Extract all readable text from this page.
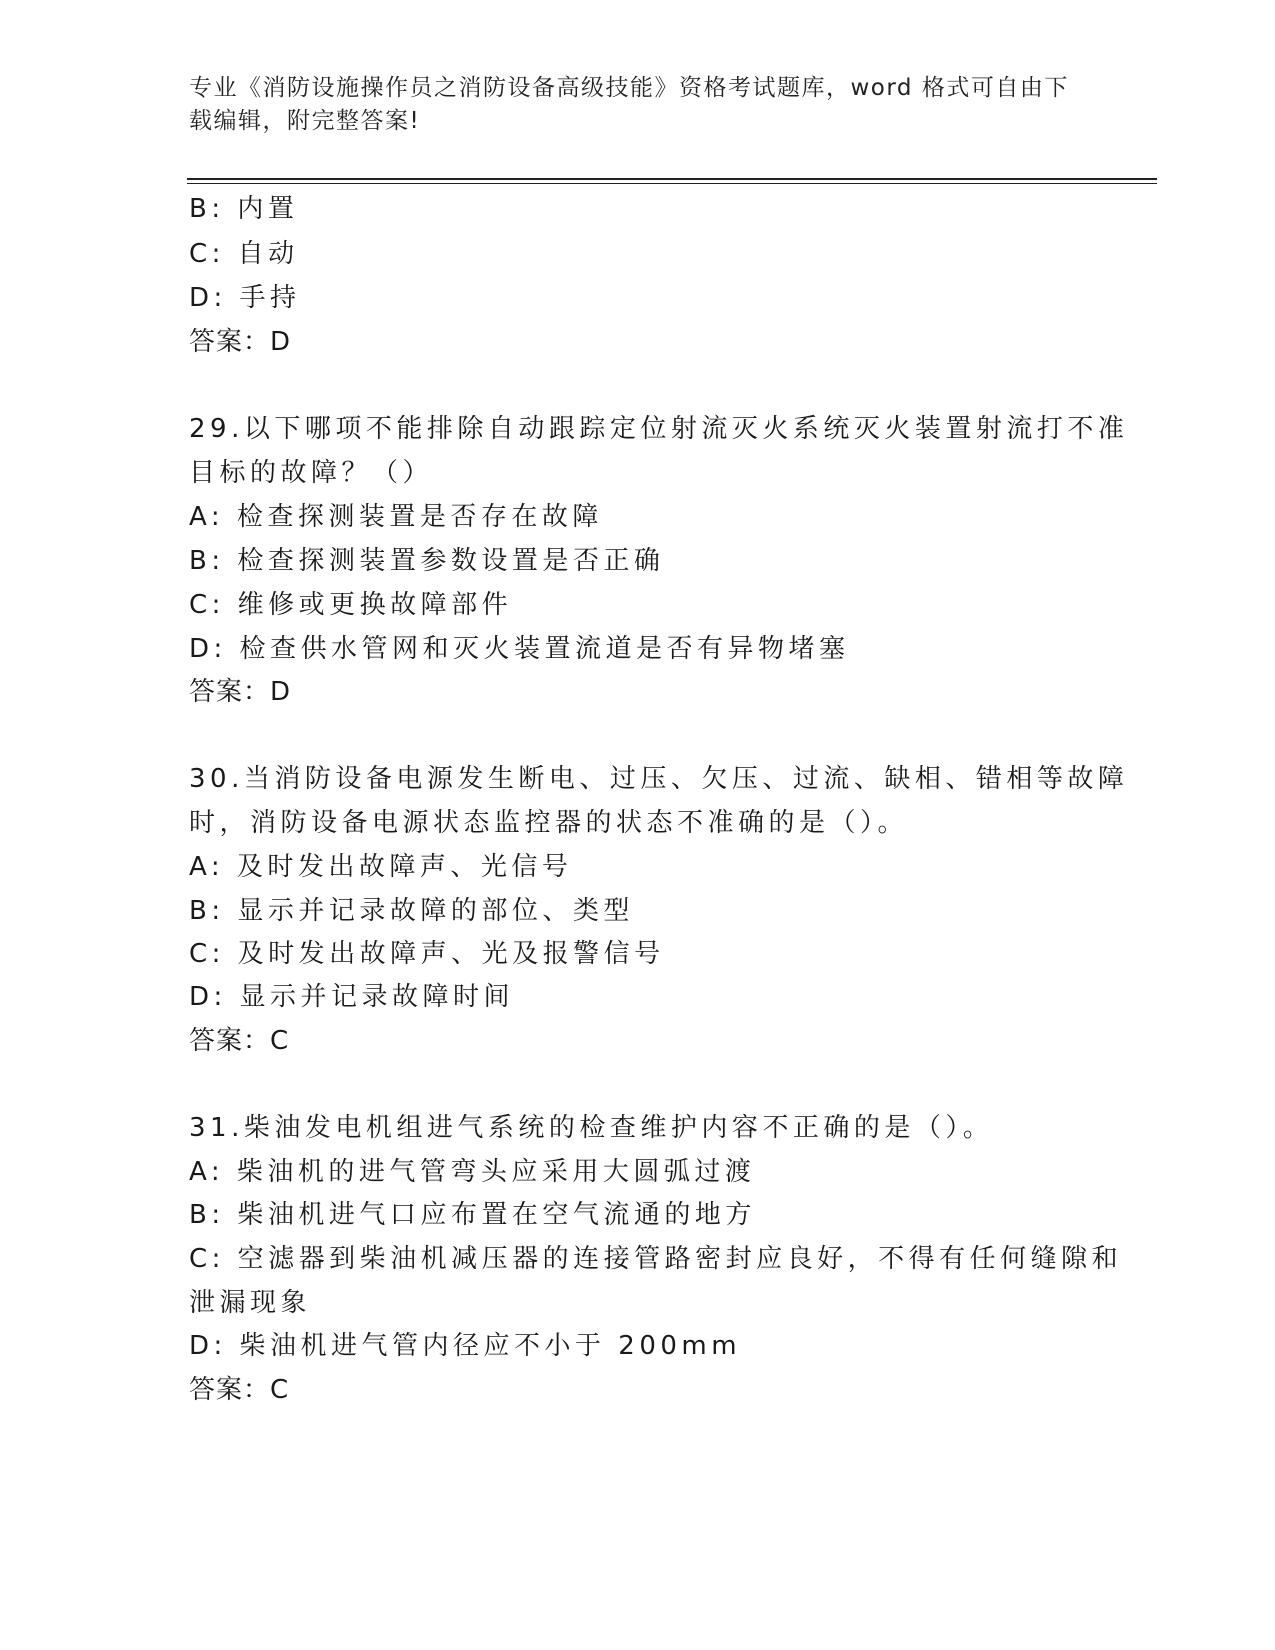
专业《消防设施操作员之消防设备高级技能》资格考试题库，word 格式可自由下
载编辑，附完整答案!
B: 内置
C: 自动
D: 手持
答案：D
29.以下哪项不能排除自动跟踪定位射流灭火系统灭火装置射流打不准
目标的故障？（）
A: 检查探测装置是否存在故障
B: 检查探测装置参数设置是否正确
C: 维修或更换故障部件
D: 检查供水管网和灭火装置流道是否有异物堵塞
答案：D
30.当消防设备电源发生断电、过压、欠压、过流、缺相、错相等故障
时，消防设备电源状态监控器的状态不准确的是（）。
A: 及时发出故障声、光信号
B: 显示并记录故障的部位、类型
C: 及时发出故障声、光及报警信号
D: 显示并记录故障时间
答案：C
31.柴油发电机组进气系统的检查维护内容不正确的是（）。
A: 柴油机的进气管弯头应采用大圆弧过渡
B: 柴油机进气口应布置在空气流通的地方
C: 空滤器到柴油机减压器的连接管路密封应良好，不得有任何缝隙和
泄漏现象
D: 柴油机进气管内径应不小于 200mm
答案：C
